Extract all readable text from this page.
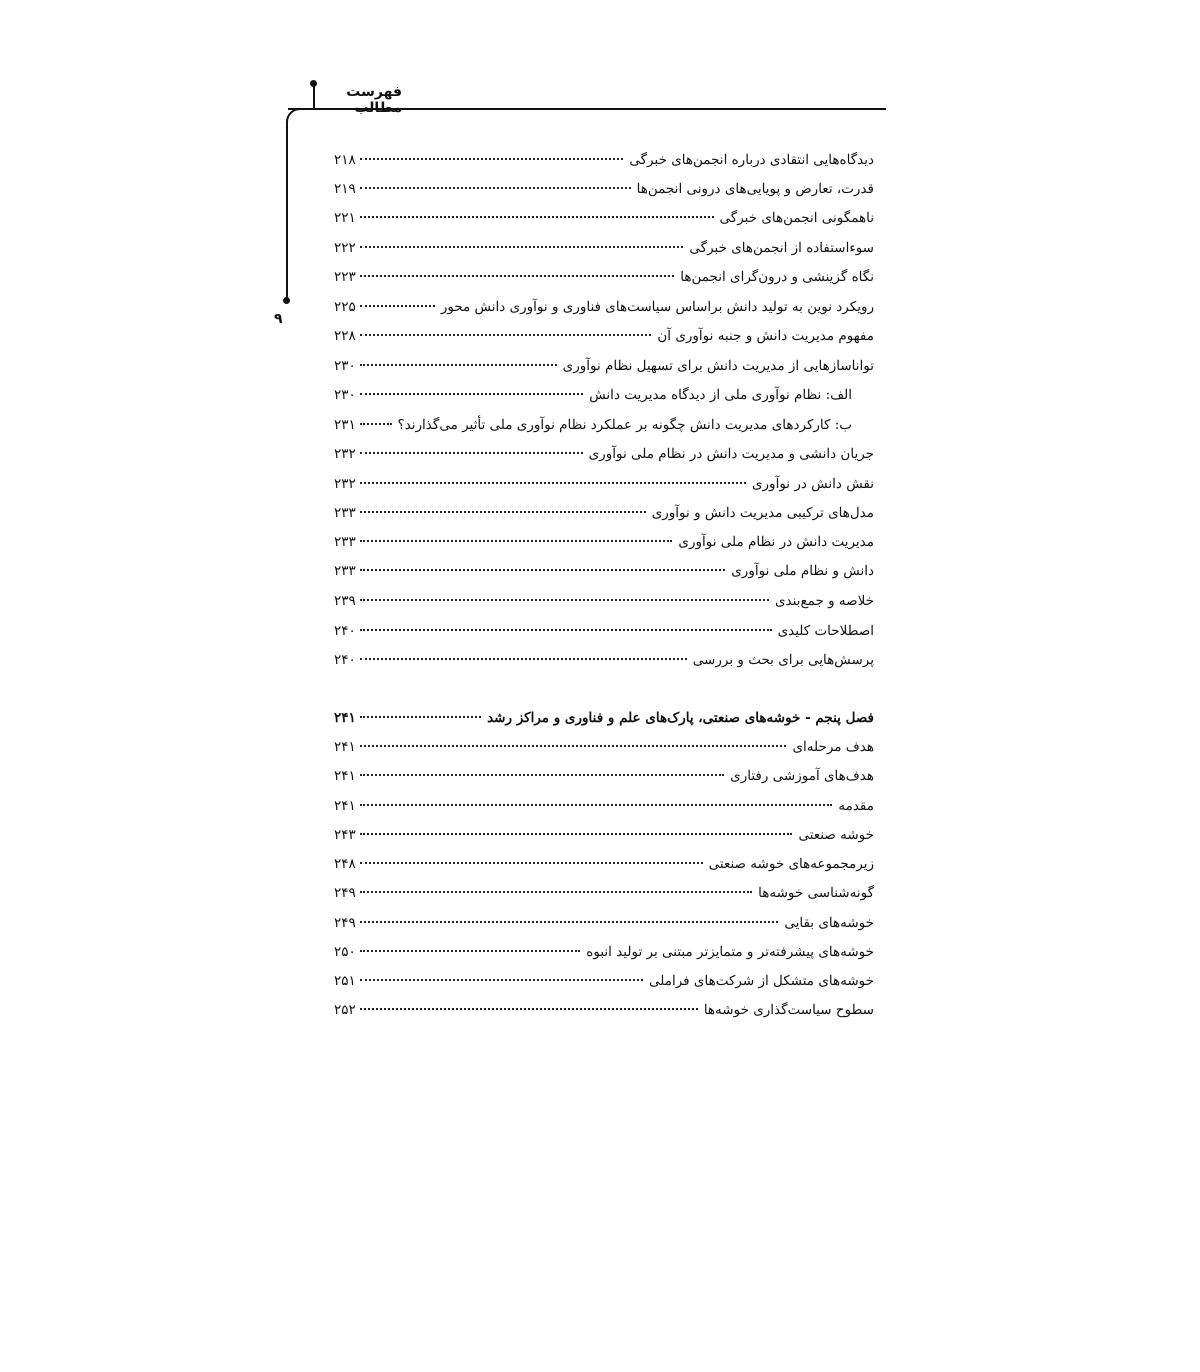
فهرست مطالب
۹
دیدگاه‌هایی انتقادی درباره انجمن‌های خبرگی
۲۱۸
قدرت، تعارض و پویایی‌های درونی انجمن‌ها
۲۱۹
ناهمگونی انجمن‌های خبرگی
۲۲۱
سوءاستفاده از انجمن‌های خبرگی
۲۲۲
نگاه گزینشی و درون‌گرای انجمن‌ها
۲۲۳
رویکرد نوین به تولید دانش براساس سیاست‌های فناوری و نوآوری دانش محور
۲۲۵
مفهوم مدیریت دانش و جنبه نوآوری آن
۲۲۸
توانا‌سازهایی از مدیریت دانش برای تسهیل نظام نوآوری
۲۳۰
الف: نظام نوآوری ملی از دیدگاه مدیریت دانش
۲۳۰
ب: کارکردهای مدیریت دانش چگونه بر عملکرد نظام نوآوری ملی تأثیر می‌گذارند؟
۲۳۱
جریان دانشی و مدیریت دانش در نظام ملی نوآوری
۲۳۲
نقش دانش در نوآوری
۲۳۲
مدل‌های ترکیبی مدیریت دانش و نوآوری
۲۳۳
مدیریت دانش در نظام ملی نوآوری
۲۳۳
دانش و نظام ملی نوآوری
۲۳۳
خلاصه و جمع‌بندی
۲۳۹
اصطلاحات کلیدی
۲۴۰
پرسش‌هایی برای بحث و بررسی
۲۴۰
فصل پنجم - خوشه‌های صنعتی، پارک‌های علم و فناوری و مراکز رشد
۲۴۱
هدف مرحله‌ای
۲۴۱
هدف‌های آموزشی رفتاری
۲۴۱
مقدمه
۲۴۱
خوشه صنعتی
۲۴۳
زیرمجموعه‌های خوشه صنعتی
۲۴۸
گونه‌شناسی خوشه‌ها
۲۴۹
خوشه‌های بقایی
۲۴۹
خوشه‌های پیشرفته‌تر و متمایزتر مبتنی بر تولید انبوه
۲۵۰
خوشه‌های متشکل از شرکت‌های فراملی
۲۵۱
سطوح سیاست‌گذاری خوشه‌ها
۲۵۲
